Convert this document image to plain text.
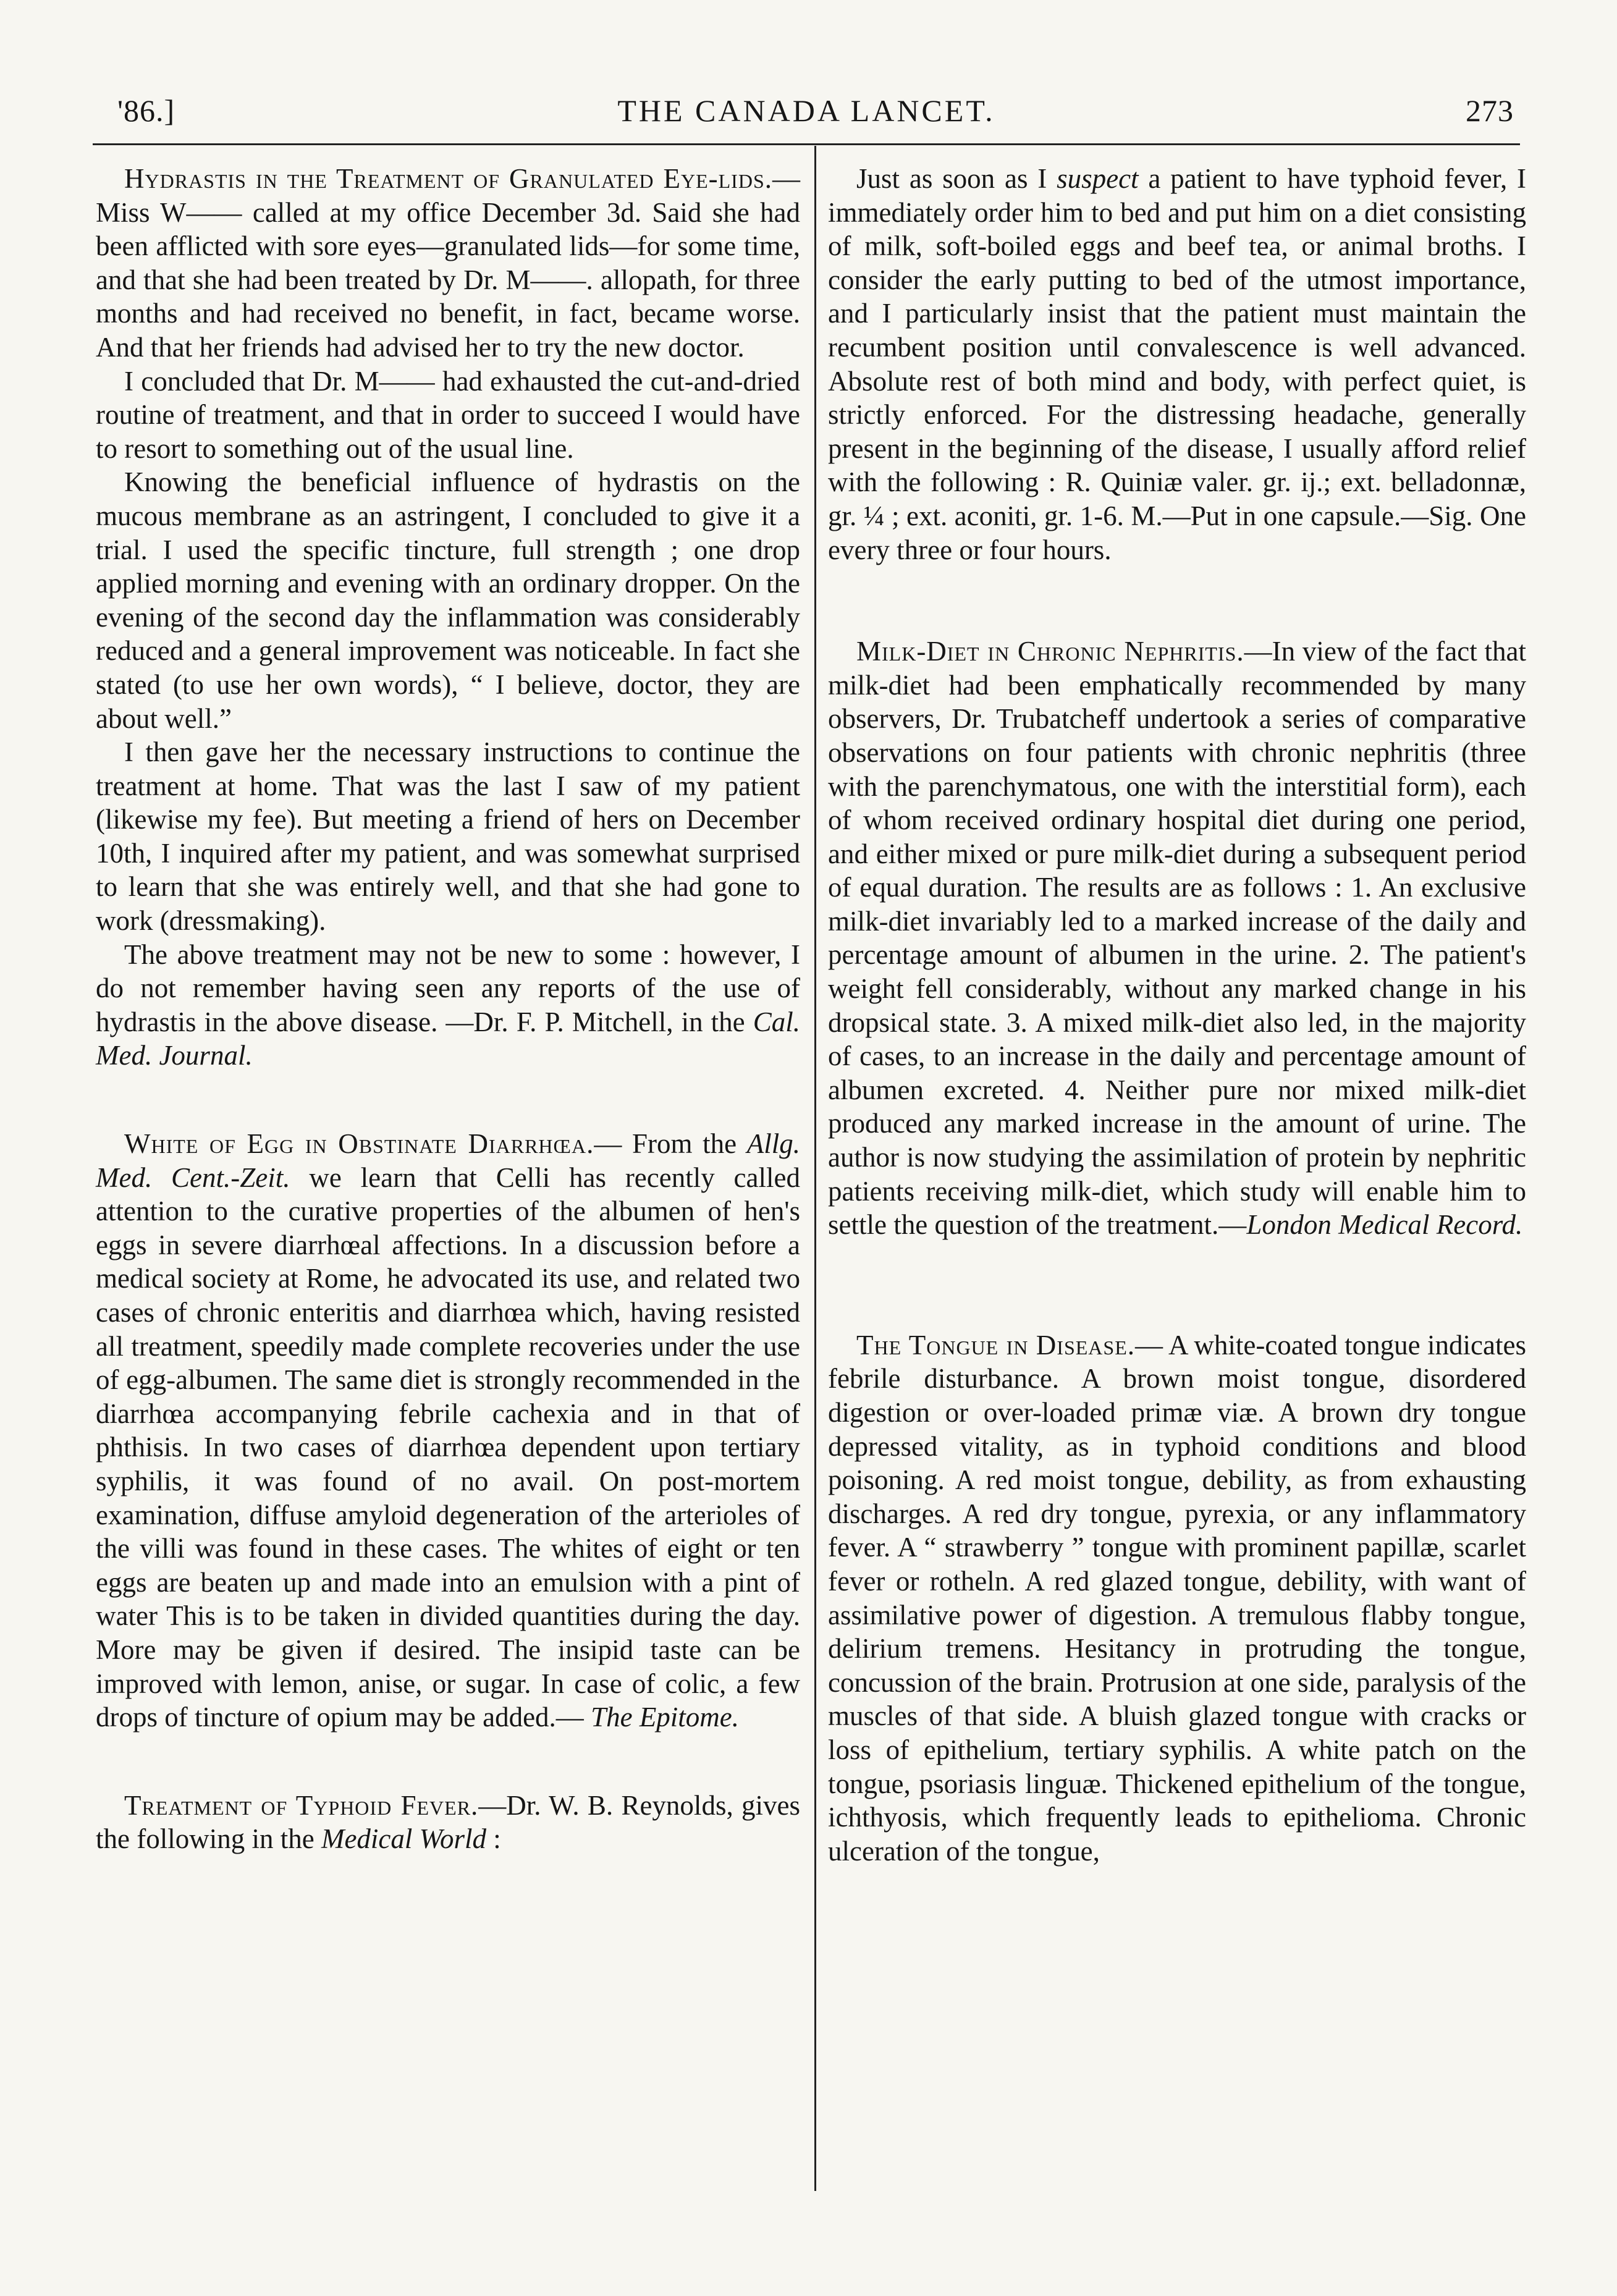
'86.]	THE CANADA LANCET.	273

Hydrastis in the Treatment of Granulated Eye-lids.—Miss W—— called at my office December 3d. Said she had been afflicted with sore eyes—granulated lids—for some time, and that she had been treated by Dr. M——. allopath, for three months and had received no benefit, in fact, became worse. And that her friends had advised her to try the new doctor.

I concluded that Dr. M—— had exhausted the cut-and-dried routine of treatment, and that in order to succeed I would have to resort to something out of the usual line.

Knowing the beneficial influence of hydrastis on the mucous membrane as an astringent, I concluded to give it a trial. I used the specific tincture, full strength ; one drop applied morning and evening with an ordinary dropper. On the evening of the second day the inflammation was considerably reduced and a general improvement was noticeable. In fact she stated (to use her own words), “ I believe, doctor, they are about well.”

I then gave her the necessary instructions to continue the treatment at home. That was the last I saw of my patient (likewise my fee). But meeting a friend of hers on December 10th, I inquired after my patient, and was somewhat surprised to learn that she was entirely well, and that she had gone to work (dressmaking).

The above treatment may not be new to some : however, I do not remember having seen any reports of the use of hydrastis in the above disease. —Dr. F. P. Mitchell, in the Cal. Med. Journal.

White of Egg in Obstinate Diarrhœa.— From the Allg. Med. Cent.-Zeit. we learn that Celli has recently called attention to the curative properties of the albumen of hen's eggs in severe diarrhœal affections. In a discussion before a medical society at Rome, he advocated its use, and related two cases of chronic enteritis and diarrhœa which, having resisted all treatment, speedily made complete recoveries under the use of egg-albumen. The same diet is strongly recommended in the diarrhœa accompanying febrile cachexia and in that of phthisis. In two cases of diarrhœa dependent upon tertiary syphilis, it was found of no avail. On post-mortem examination, diffuse amyloid degeneration of the arterioles of the villi was found in these cases. The whites of eight or ten eggs are beaten up and made into an emulsion with a pint of water This is to be taken in divided quantities during the day. More may be given if desired. The insipid taste can be improved with lemon, anise, or sugar. In case of colic, a few drops of tincture of opium may be added.— The Epitome.

Treatment of Typhoid Fever.—Dr. W. B. Reynolds, gives the following in the Medical World :

Just as soon as I suspect a patient to have typhoid fever, I immediately order him to bed and put him on a diet consisting of milk, soft-boiled eggs and beef tea, or animal broths. I consider the early putting to bed of the utmost importance, and I particularly insist that the patient must maintain the recumbent position until convalescence is well advanced. Absolute rest of both mind and body, with perfect quiet, is strictly enforced. For the distressing headache, generally present in the beginning of the disease, I usually afford relief with the following : R. Quiniæ valer. gr. ij.; ext. belladonnæ, gr. ¼ ; ext. aconiti, gr. 1-6. M.—Put in one capsule.—Sig. One every three or four hours.

Milk-Diet in Chronic Nephritis.—In view of the fact that milk-diet had been emphatically recommended by many observers, Dr. Trubatcheff undertook a series of comparative observations on four patients with chronic nephritis (three with the parenchymatous, one with the interstitial form), each of whom received ordinary hospital diet during one period, and either mixed or pure milk-diet during a subsequent period of equal duration. The results are as follows : 1. An exclusive milk-diet invariably led to a marked increase of the daily and percentage amount of albumen in the urine. 2. The patient's weight fell considerably, without any marked change in his dropsical state. 3. A mixed milk-diet also led, in the majority of cases, to an increase in the daily and percentage amount of albumen excreted. 4. Neither pure nor mixed milk-diet produced any marked increase in the amount of urine. The author is now studying the assimilation of protein by nephritic patients receiving milk-diet, which study will enable him to settle the question of the treatment.—London Medical Record.

The Tongue in Disease.— A white-coated tongue indicates febrile disturbance. A brown moist tongue, disordered digestion or over-loaded primæ viæ. A brown dry tongue depressed vitality, as in typhoid conditions and blood poisoning. A red moist tongue, debility, as from exhausting discharges. A red dry tongue, pyrexia, or any inflammatory fever. A “ strawberry ” tongue with prominent papillæ, scarlet fever or rotheln. A red glazed tongue, debility, with want of assimilative power of digestion. A tremulous flabby tongue, delirium tremens. Hesitancy in protruding the tongue, concussion of the brain. Protrusion at one side, paralysis of the muscles of that side. A bluish glazed tongue with cracks or loss of epithelium, tertiary syphilis. A white patch on the tongue, psoriasis linguæ. Thickened epithelium of the tongue, ichthyosis, which frequently leads to epithelioma. Chronic ulceration of the tongue,
